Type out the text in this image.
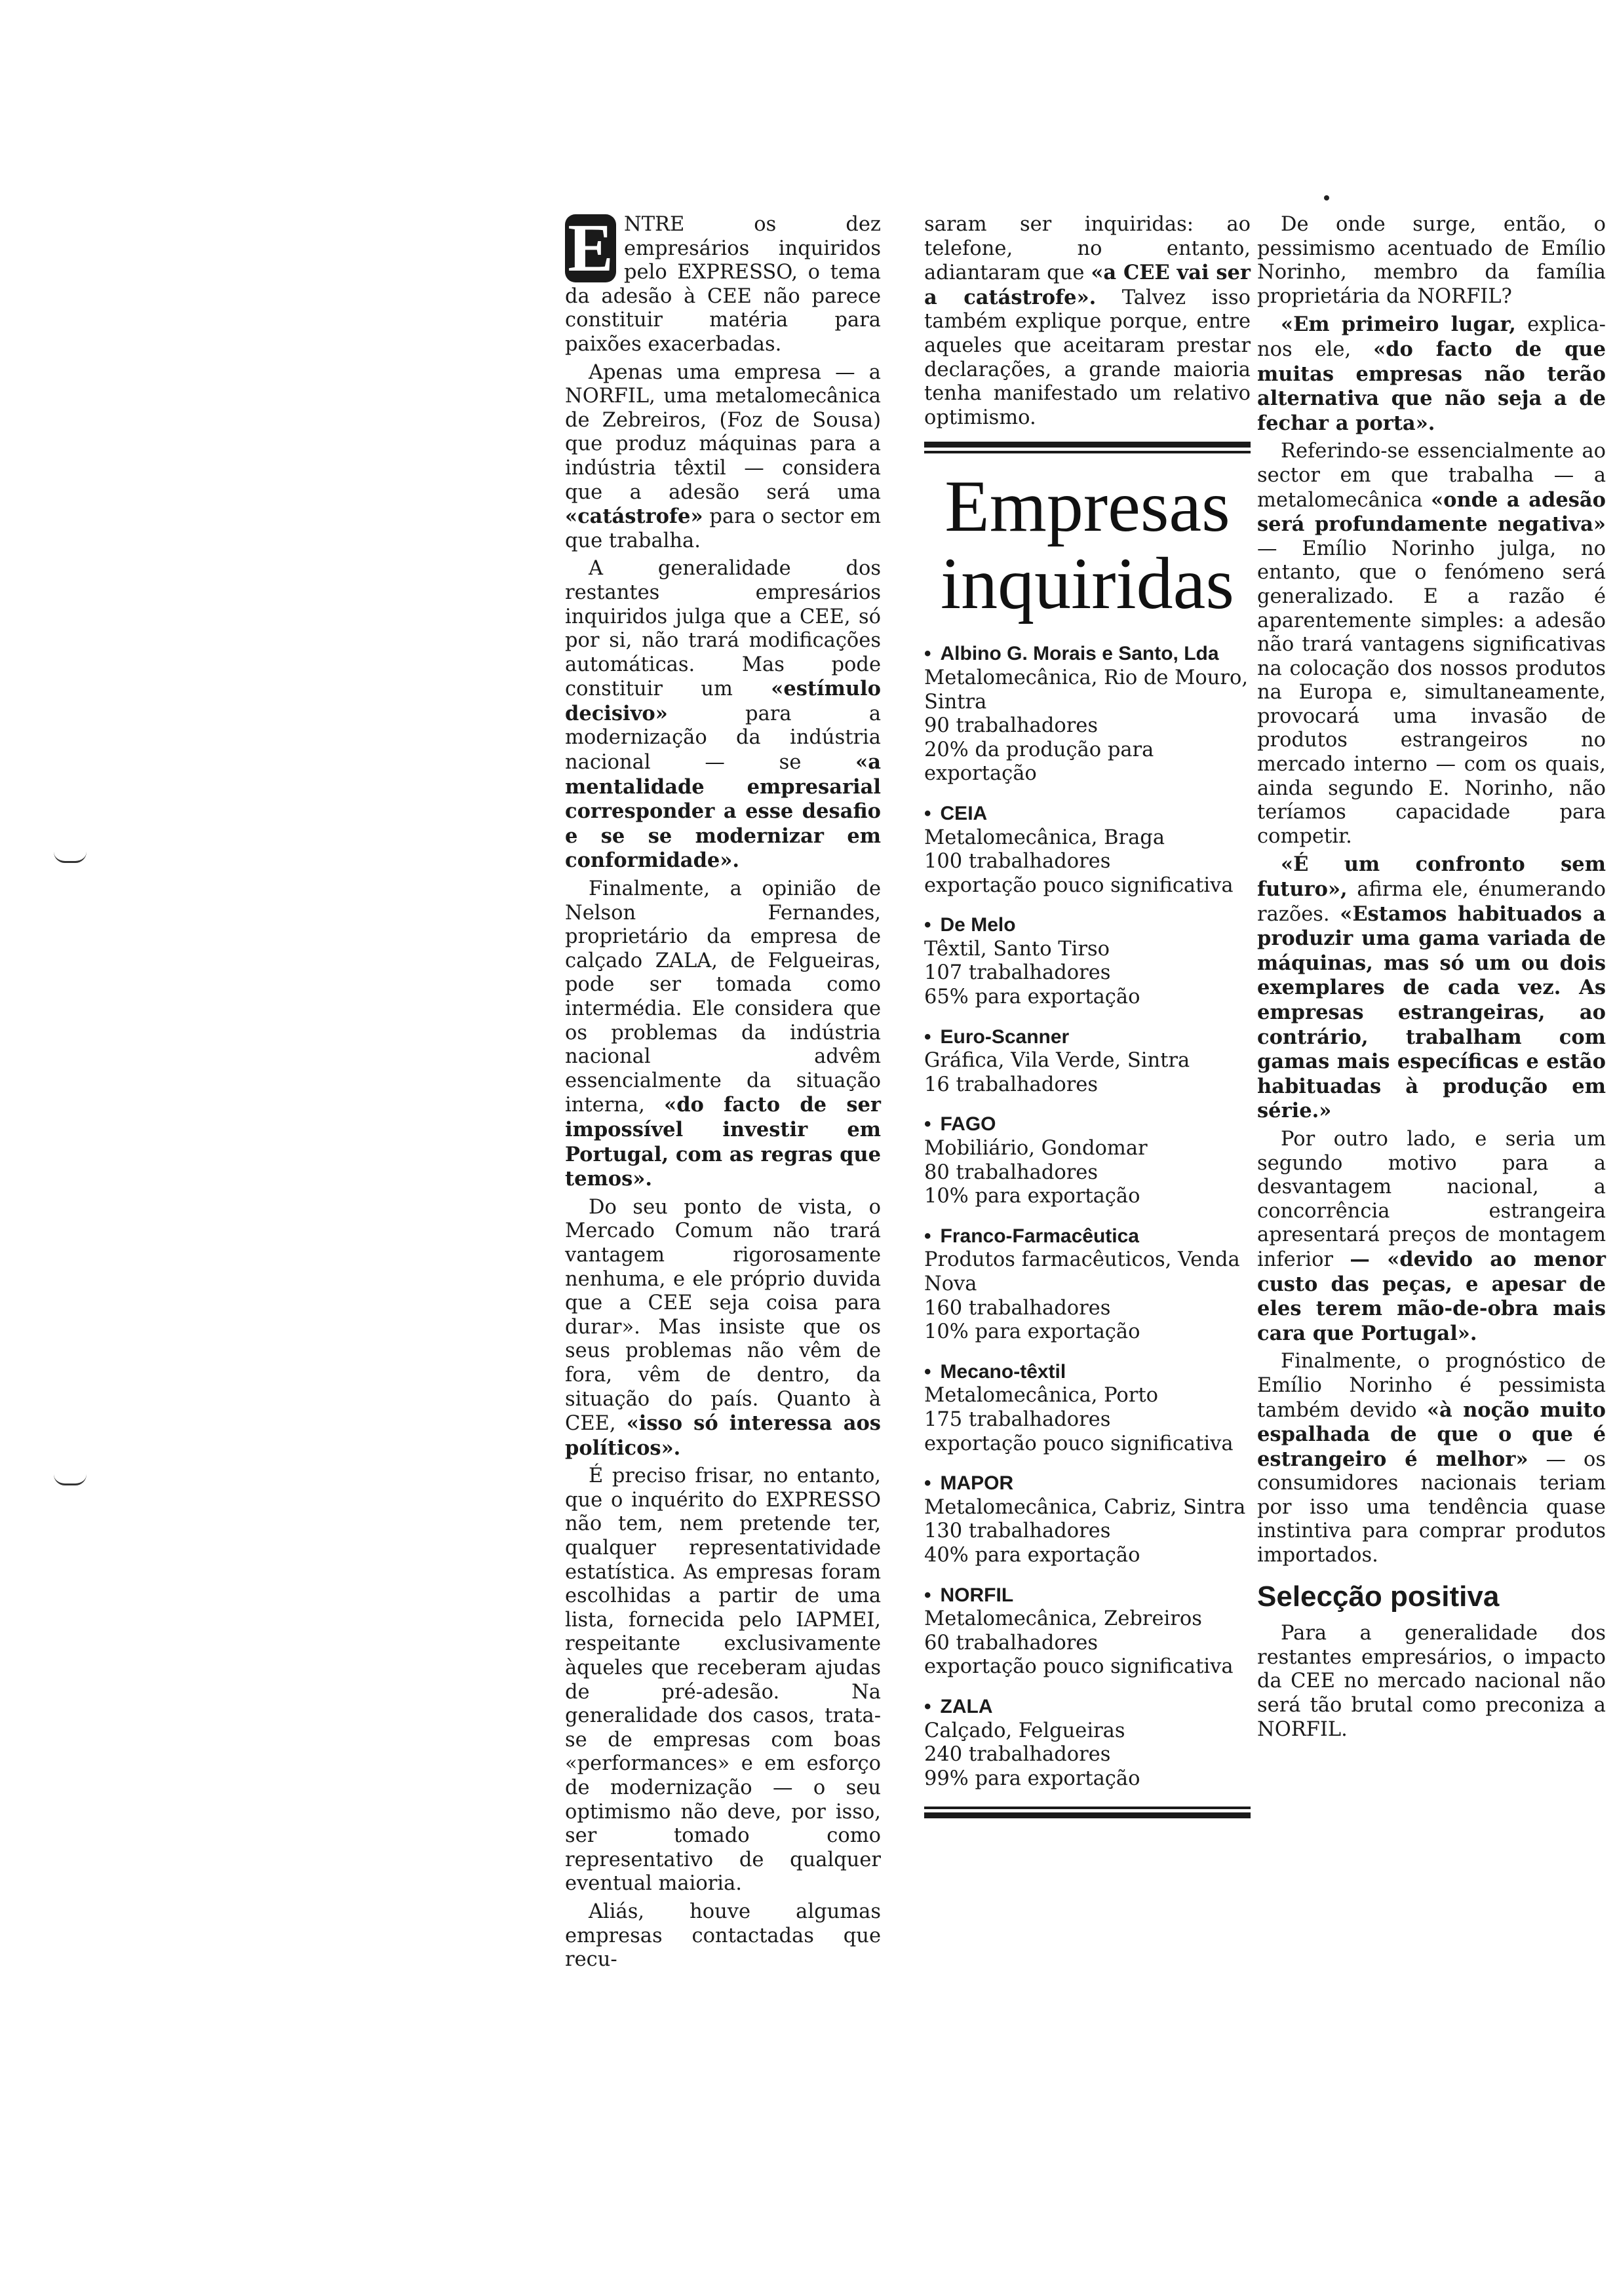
E NTRE os dez empresários inquiridos pelo EXPRESSO, o tema da adesão à CEE não parece constituir matéria para paixões exacerbadas.

Apenas uma empresa — a NORFIL, uma metalomecânica de Zebreiros, (Foz de Sousa) que produz máquinas para a indústria têxtil — considera que a adesão será uma «catástrofe» para o sector em que trabalha.

A generalidade dos restantes empresários inquiridos julga que a CEE, só por si, não trará modificações automáticas. Mas pode constituir um «estímulo decisivo» para a modernização da indústria nacional — se «a mentalidade empresarial corresponder a esse desafio e se se modernizar em conformidade».

Finalmente, a opinião de Nelson Fernandes, proprietário da empresa de calçado ZALA, de Felgueiras, pode ser tomada como intermédia. Ele considera que os problemas da indústria nacional advêm essencialmente da situação interna, «do facto de ser impossível investir em Portugal, com as regras que temos».

Do seu ponto de vista, o Mercado Comum não trará vantagem rigorosamente nenhuma, e ele próprio duvida que a CEE seja coisa para durar». Mas insiste que os seus problemas não vêm de fora, vêm de dentro, da situação do país. Quanto à CEE, «isso só interessa aos políticos».

É preciso frisar, no entanto, que o inquérito do EXPRESSO não tem, nem pretende ter, qualquer representatividade estatística. As empresas foram escolhidas a partir de uma lista, fornecida pelo IAPMEI, respeitante exclusivamente àqueles que receberam ajudas de pré-adesão. Na generalidade dos casos, trata-se de empresas com boas «performances» e em esforço de modernização — o seu optimismo não deve, por isso, ser tomado como representativo de qualquer eventual maioria.

Aliás, houve algumas empresas contactadas que recu-

saram ser inquiridas: ao telefone, no entanto, adiantaram que «a CEE vai ser a catástrofe». Talvez isso também explique porque, entre aqueles que aceitaram prestar declarações, a grande maioria tenha manifestado um relativo optimismo.

Empresas inquiridas
• Albino G. Morais e Santo, Lda
Metalomecânica, Rio de Mouro, Sintra
90 trabalhadores
20% da produção para exportação
• CEIA
Metalomecânica, Braga
100 trabalhadores
exportação pouco significativa
• De Melo
Têxtil, Santo Tirso
107 trabalhadores
65% para exportação
• Euro-Scanner
Gráfica, Vila Verde, Sintra
16 trabalhadores
• FAGO
Mobiliário, Gondomar
80 trabalhadores
10% para exportação
• Franco-Farmacêutica
Produtos farmacêuticos, Venda Nova
160 trabalhadores
10% para exportação
• Mecano-têxtil
Metalomecânica, Porto
175 trabalhadores
exportação pouco significativa
• MAPOR
Metalomecânica, Cabriz, Sintra
130 trabalhadores
40% para exportação
• NORFIL
Metalomecânica, Zebreiros
60 trabalhadores
exportação pouco significativa
• ZALA
Calçado, Felgueiras
240 trabalhadores
99% para exportação

De onde surge, então, o pessimismo acentuado de Emílio Norinho, membro da família proprietária da NORFIL?

«Em primeiro lugar, explica-nos ele, «do facto de que muitas empresas não terão alternativa que não seja a de fechar a porta».

Referindo-se essencialmente ao sector em que trabalha — a metalomecânica «onde a adesão será profundamente negativa» — Emílio Norinho julga, no entanto, que o fenómeno será generalizado. E a razão é aparentemente simples: a adesão não trará vantagens significativas na colocação dos nossos produtos na Europa e, simultaneamente, provocará uma invasão de produtos estrangeiros no mercado interno — com os quais, ainda segundo E. Norinho, não teríamos capacidade para competir.

«É um confronto sem futuro», afirma ele, énumerando razões. «Estamos habituados a produzir uma gama variada de máquinas, mas só um ou dois exemplares de cada vez. As empresas estrangeiras, ao contrário, trabalham com gamas mais específicas e estão habituadas à produção em série.»

Por outro lado, e seria um segundo motivo para a desvantagem nacional, a concorrência estrangeira apresentará preços de montagem inferior — «devido ao menor custo das peças, e apesar de eles terem mão-de-obra mais cara que Portugal».

Finalmente, o prognóstico de Emílio Norinho é pessimista também devido «à noção muito espalhada de que o que é estrangeiro é melhor» — os consumidores nacionais teriam por isso uma tendência quase instintiva para comprar produtos importados.

Selecção positiva

Para a generalidade dos restantes empresários, o impacto da CEE no mercado nacional não será tão brutal como preconiza a NORFIL.
